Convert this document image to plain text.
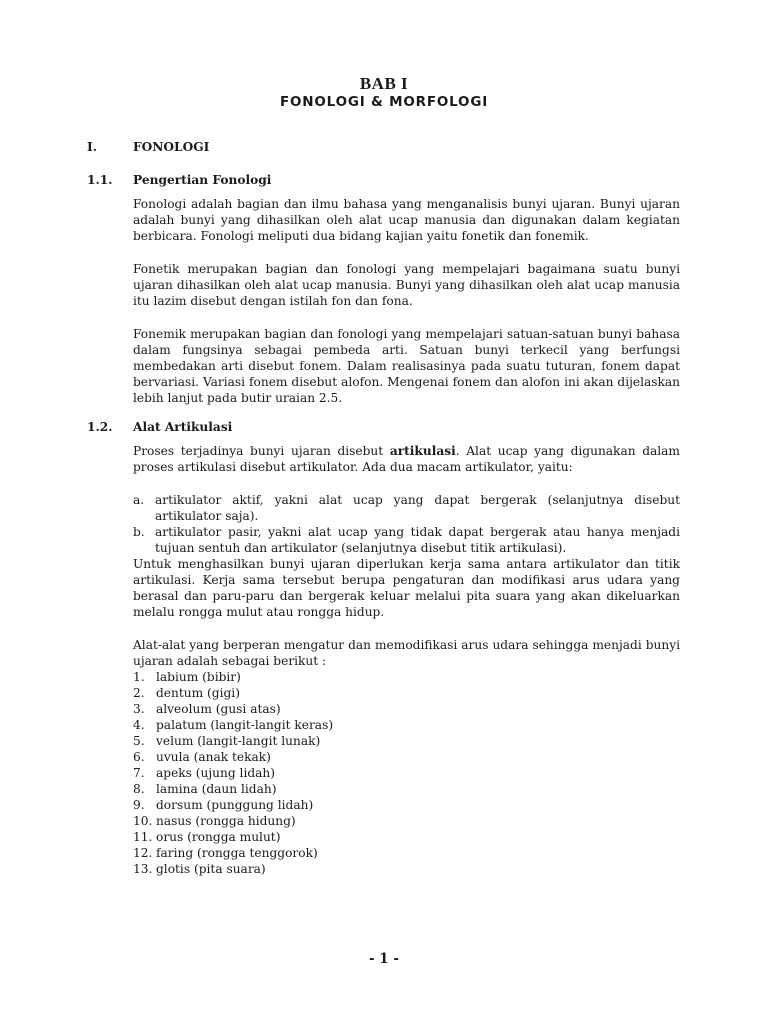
BAB I
FONOLOGI & MORFOLOGI
I.	FONOLOGI
1.1. Pengertian Fonologi

Fonologi adalah bagian dan ilmu bahasa yang menganalisis bunyi ujaran. Bunyi ujaran adalah bunyi yang dihasilkan oleh alat ucap manusia dan digunakan dalam kegiatan berbicara. Fonologi meliputi dua bidang kajian yaitu fonetik dan fonemik.

Fonetik merupakan bagian dan fonologi yang mempelajari bagaimana suatu bunyi ujaran dihasilkan oleh alat ucap manusia. Bunyi yang dihasilkan oleh alat ucap manusia itu lazim disebut dengan istilah fon dan fona.

Fonemik merupakan bagian dan fonologi yang mempelajari satuan-satuan bunyi bahasa dalam fungsinya sebagai pembeda arti. Satuan bunyi terkecil yang berfungsi membedakan arti disebut fonem. Dalam realisasinya pada suatu tuturan, fonem dapat bervariasi. Variasi fonem disebut alofon. Mengenai fonem dan alofon ini akan dijelaskan lebih lanjut pada butir uraian 2.5.

1.2. Alat Artikulasi

Proses terjadinya bunyi ujaran disebut artikulasi. Alat ucap yang digunakan dalam proses artikulasi disebut artikulator. Ada dua macam artikulator, yaitu:

a. artikulator aktif, yakni alat ucap yang dapat bergerak (selanjutnya disebut artikulator saja).
b. artikulator pasir, yakni alat ucap yang tidak dapat bergerak atau hanya menjadi tujuan sentuh dan artikulator (selanjutnya disebut titik artikulasi).

Untuk menghasilkan bunyi ujaran diperlukan kerja sama antara artikulator dan titik artikulasi. Kerja sama tersebut berupa pengaturan dan modifikasi arus udara yang berasal dan paru-paru dan bergerak keluar melalui pita suara yang akan dikeluarkan melalu rongga mulut atau rongga hidup.

Alat-alat yang berperan mengatur dan memodifikasi arus udara sehingga menjadi bunyi ujaran adalah sebagai berikut :

1. labium (bibir)
2. dentum (gigi)
3. alveolum (gusi atas)
4. palatum (langit-langit keras)
5. velum (langit-langit lunak)
6. uvula (anak tekak)
7. apeks (ujung lidah)
8. lamina (daun lidah)
9. dorsum (punggung lidah)
10. nasus (rongga hidung)
11. orus (rongga mulut)
12. faring (rongga tenggorok)
13. glotis (pita suara)
- 1 -
